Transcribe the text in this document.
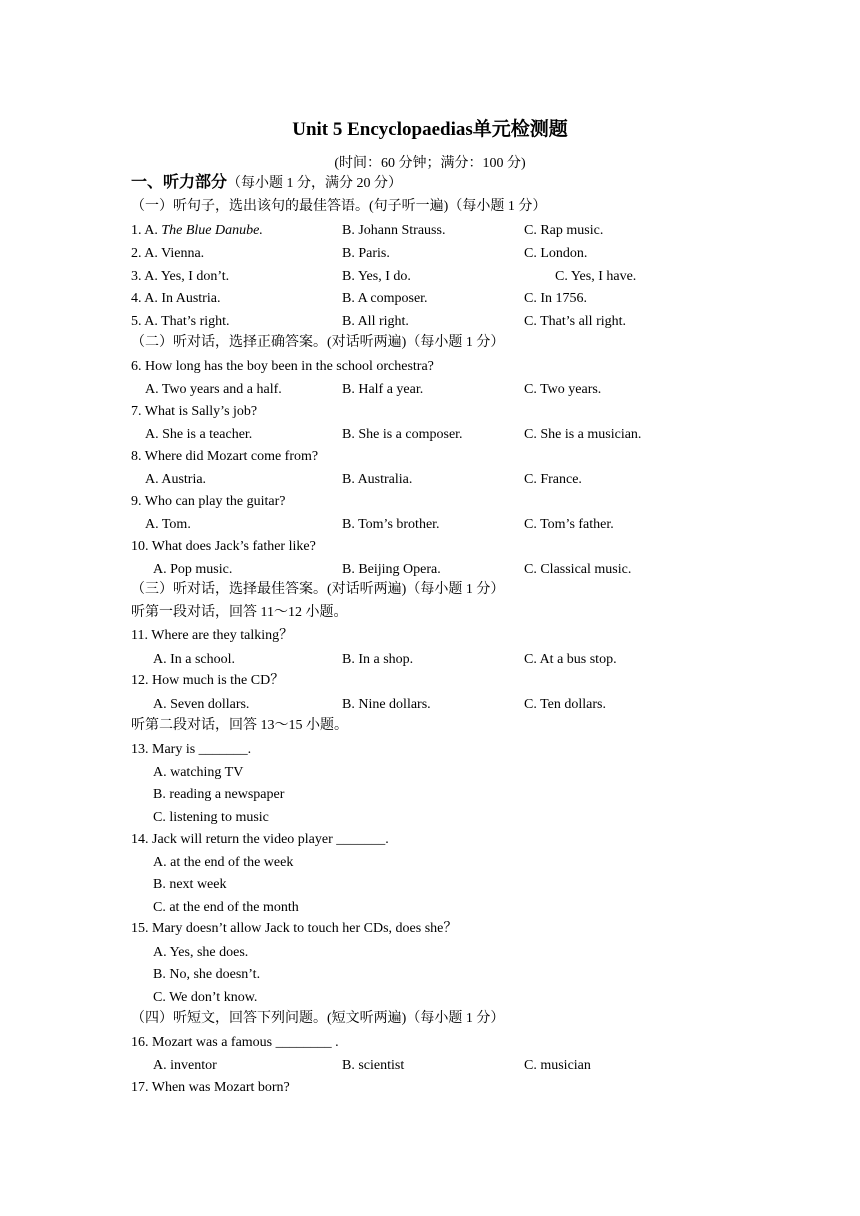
Unit 5 Encyclopaedias单元检测题
(时间：60 分钟；满分：100 分)
一、听力部分（每小题 1 分，满分 20 分）
（一）听句子，选出该句的最佳答语。(句子听一遍)（每小题 1 分）
1. A. The Blue Danube.	B. Johann Strauss.	C. Rap music.
2. A. Vienna.	B. Paris.	C. London.
3. A. Yes, I don’t.	B. Yes, I do.	C. Yes, I have.
4. A. In Austria.	B. A composer.	C. In 1756.
5. A. That’s right.	B. All right.	C. That’s all right.
（二）听对话，选择正确答案。(对话听两遍)（每小题 1 分）
6. How long has the boy been in the school orchestra?
A. Two years and a half.	B. Half a year.	C. Two years.
7. What is Sally’s job?
A. She is a teacher.	B. She is a composer.	C. She is a musician.
8. Where did Mozart come from?
A. Austria.	B. Australia.	C. France.
9. Who can play the guitar?
A. Tom.	B. Tom’s brother.	C. Tom’s father.
10. What does Jack’s father like?
A. Pop music.	B. Beijing Opera.	C. Classical music.
（三）听对话，选择最佳答案。(对话听两遍)（每小题 1 分）
听第一段对话，回答 11～12 小题。
11. Where are they talking？
A. In a school.	B. In a shop.	C. At a bus stop.
12. How much is the CD？
A. Seven dollars.	B. Nine dollars.	C. Ten dollars.
听第二段对话，回答 13～15 小题。
13. Mary is _______.
A. watching TV
B. reading a newspaper
C. listening to music
14. Jack will return the video player _______.
A. at the end of the week
B. next week
C. at the end of the month
15. Mary doesn’t allow Jack to touch her CDs, does she？
A. Yes, she does.
B. No, she doesn’t.
C. We don’t know.
（四）听短文，回答下列问题。(短文听两遍)（每小题 1 分）
16. Mozart was a famous ________ .
A. inventor	B. scientist	C. musician
17. When was Mozart born?
